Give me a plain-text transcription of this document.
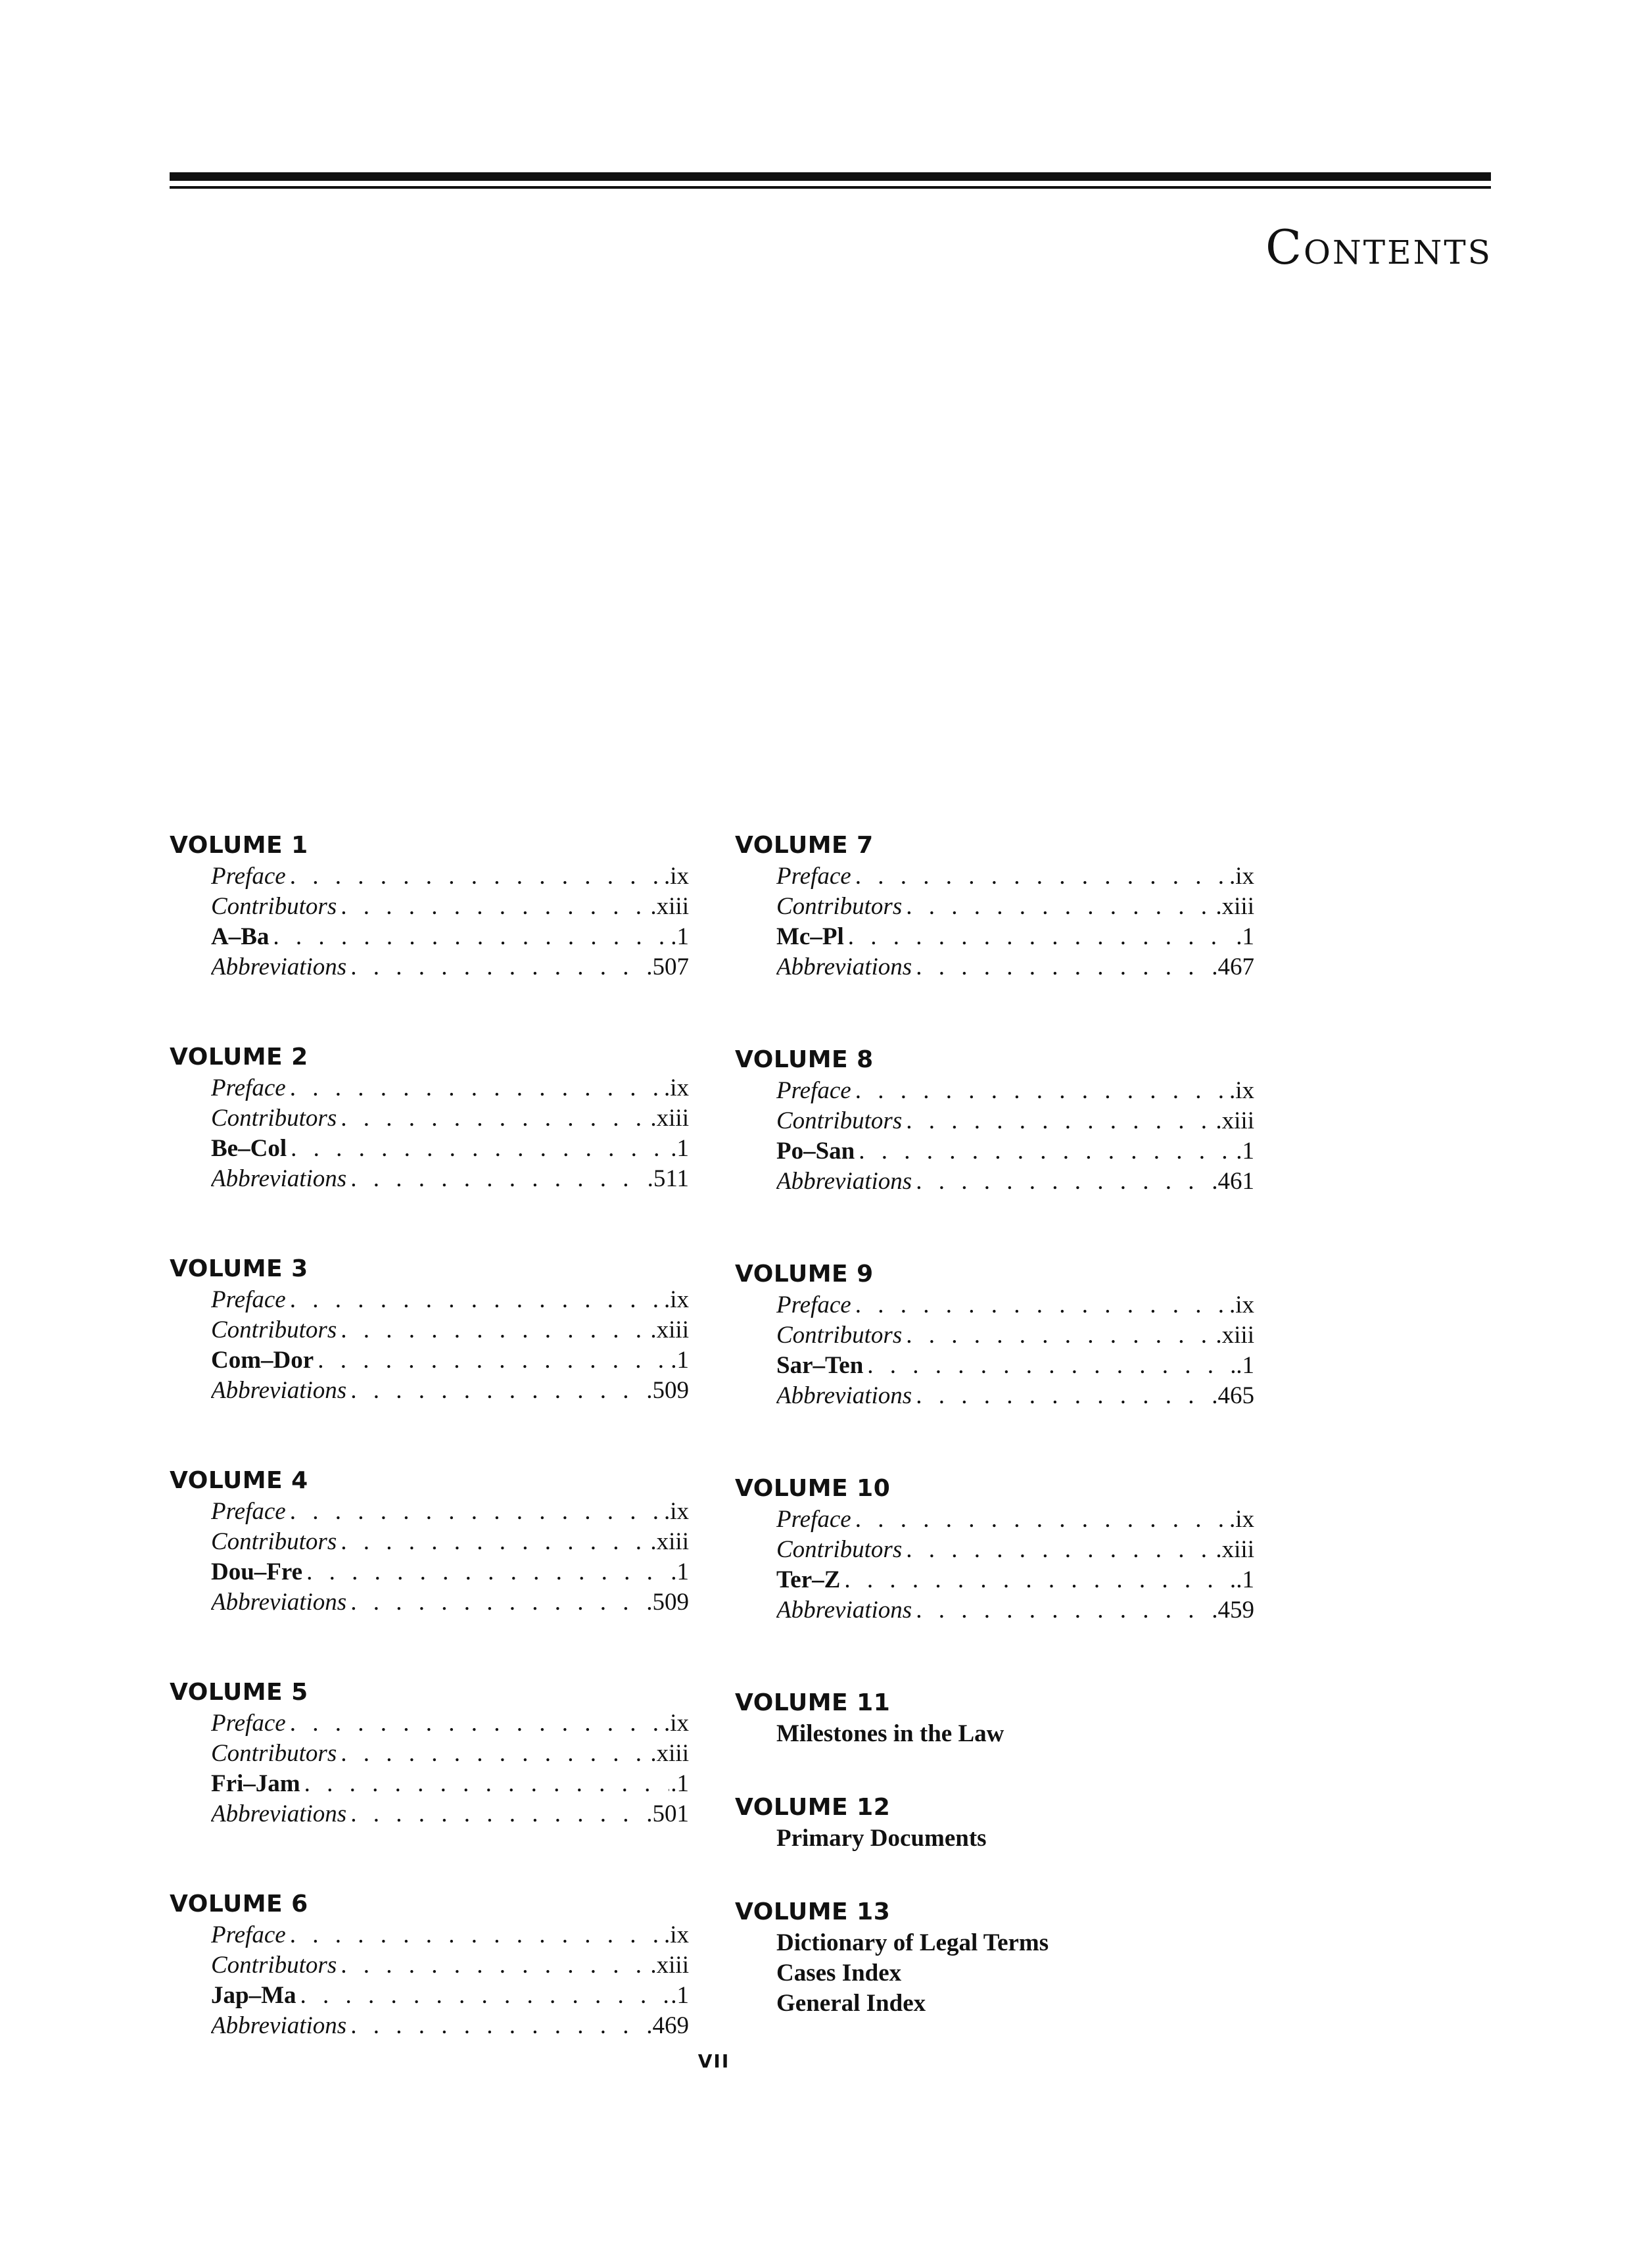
Contents
VOLUME 1
Preface . . .	.ix
Contributors . . .	.xiii
A–Ba . . .	.1
Abbreviations . . .	.507
VOLUME 2
Preface . . .	.ix
Contributors . . .	.xiii
Be–Col . . .	.1
Abbreviations . . .	.511
VOLUME 3
Preface . . .	.ix
Contributors . . .	.xiii
Com–Dor . . .	.1
Abbreviations . . .	.509
VOLUME 4
Preface . . .	.ix
Contributors . . .	.xiii
Dou–Fre . . .	.1
Abbreviations . . .	.509
VOLUME 5
Preface . . .	.ix
Contributors . . .	.xiii
Fri–Jam . . .	.1
Abbreviations . . .	.501
VOLUME 6
Preface . . .	.ix
Contributors . . .	.xiii
Jap–Ma . . .	.1
Abbreviations . . .	.469
VOLUME 7
Preface . . .	.ix
Contributors . . .	.xiii
Mc–Pl . . .	.1
Abbreviations . . .	.467
VOLUME 8
Preface . . .	.ix
Contributors . . .	.xiii
Po–San . . .	.1
Abbreviations . . .	.461
VOLUME 9
Preface . . .	.ix
Contributors . . .	.xiii
Sar–Ten . . .	.1
Abbreviations . . .	.465
VOLUME 10
Preface . . .	.ix
Contributors . . .	.xiii
Ter–Z . . .	.1
Abbreviations . . .	.459
VOLUME 11
Milestones in the Law
VOLUME 12
Primary Documents
VOLUME 13
Dictionary of Legal Terms
Cases Index
General Index
VII
